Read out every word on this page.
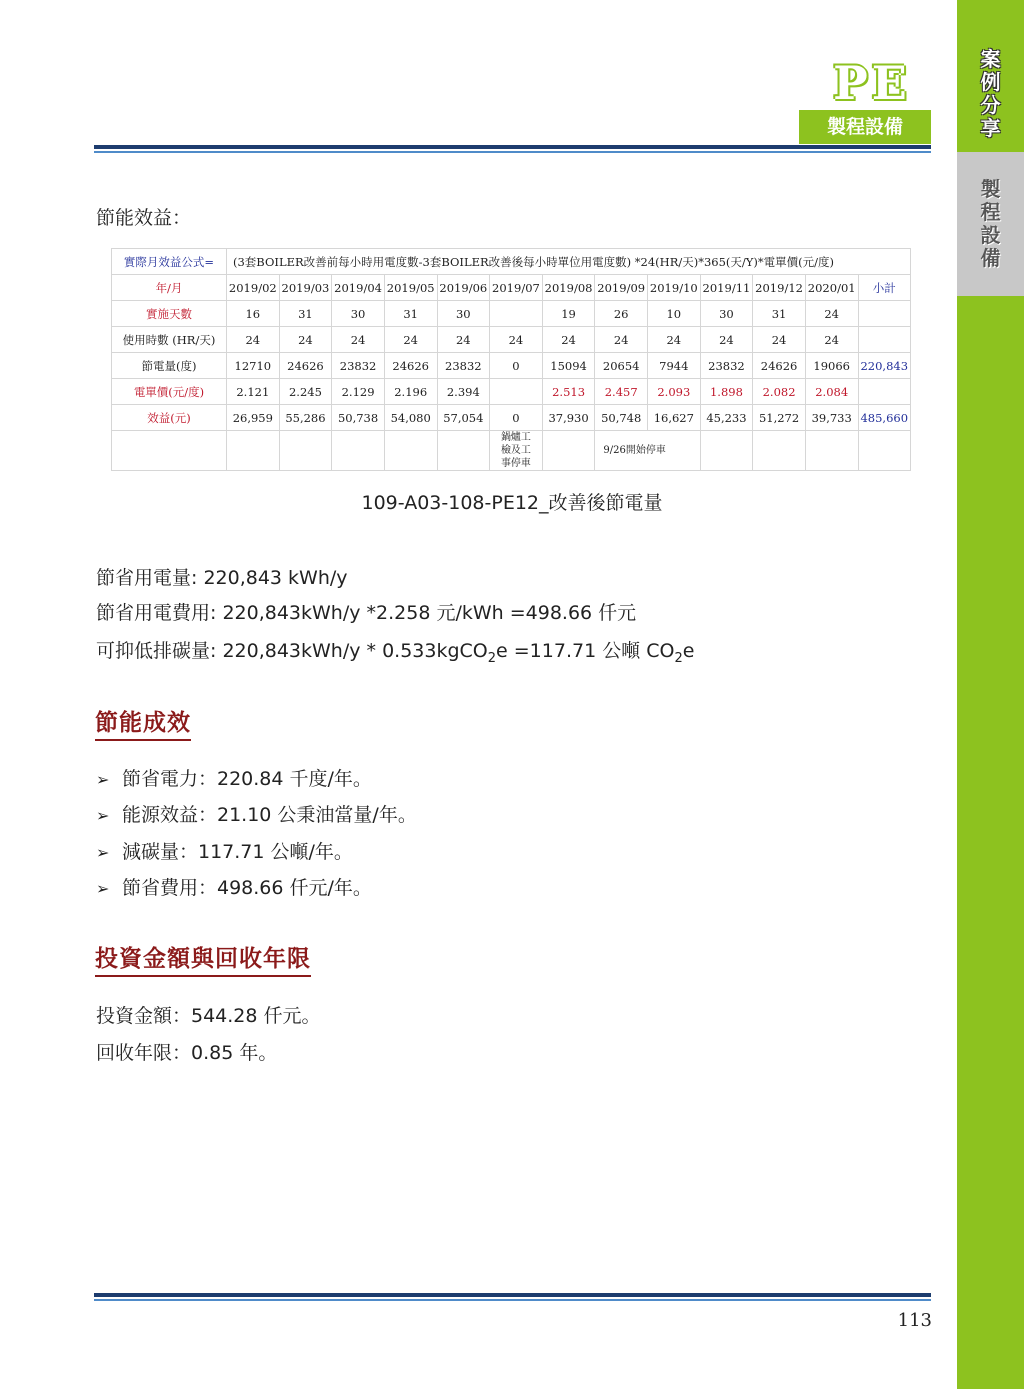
案
例
分
享
製
程
設
備
PE
製程設備
節能效益：
實際月效益公式=	(3套BOILER改善前每小時用電度數-3套BOILER改善後每小時單位用電度數) *24(HR/天)*365(天/Y)*電單價(元/度)												
年/月	2019/02	2019/03	2019/04	2019/05	2019/06	2019/07	2019/08	2019/09	2019/10	2019/11	2019/12	2020/01	小計
實施天數	16	31	30	31	30		19	26	10	30	31	24	
使用時數 (HR/天)	24	24	24	24	24	24	24	24	24	24	24	24	
節電量(度)	12710	24626	23832	24626	23832	0	15094	20654	7944	23832	24626	19066	220,843
電單價(元/度)	2.121	2.245	2.129	2.196	2.394		2.513	2.457	2.093	1.898	2.082	2.084	
效益(元)	26,959	55,286	50,738	54,080	57,054	0	37,930	50,748	16,627	45,233	51,272	39,733	485,660
						鍋爐工
檢及工
事停車		9/26開始停車					
109-A03-108-PE12_改善後節電量
節省用電量: 220,843 kWh/y
節省用電費用: 220,843kWh/y *2.258 元/kWh =498.66 仟元
可抑低排碳量: 220,843kWh/y * 0.533kgCO$_2$e =117.71 公噸 $CO_2e$
節能成效
➢ 節省電力：220.84 千度/年。
➢ 能源效益：21.10 公秉油當量/年。
➢ 減碳量：117.71 公噸/年。
➢ 節省費用：498.66 仟元/年。
投資金額與回收年限
投資金額：544.28 仟元。
回收年限：0.85 年。
113
